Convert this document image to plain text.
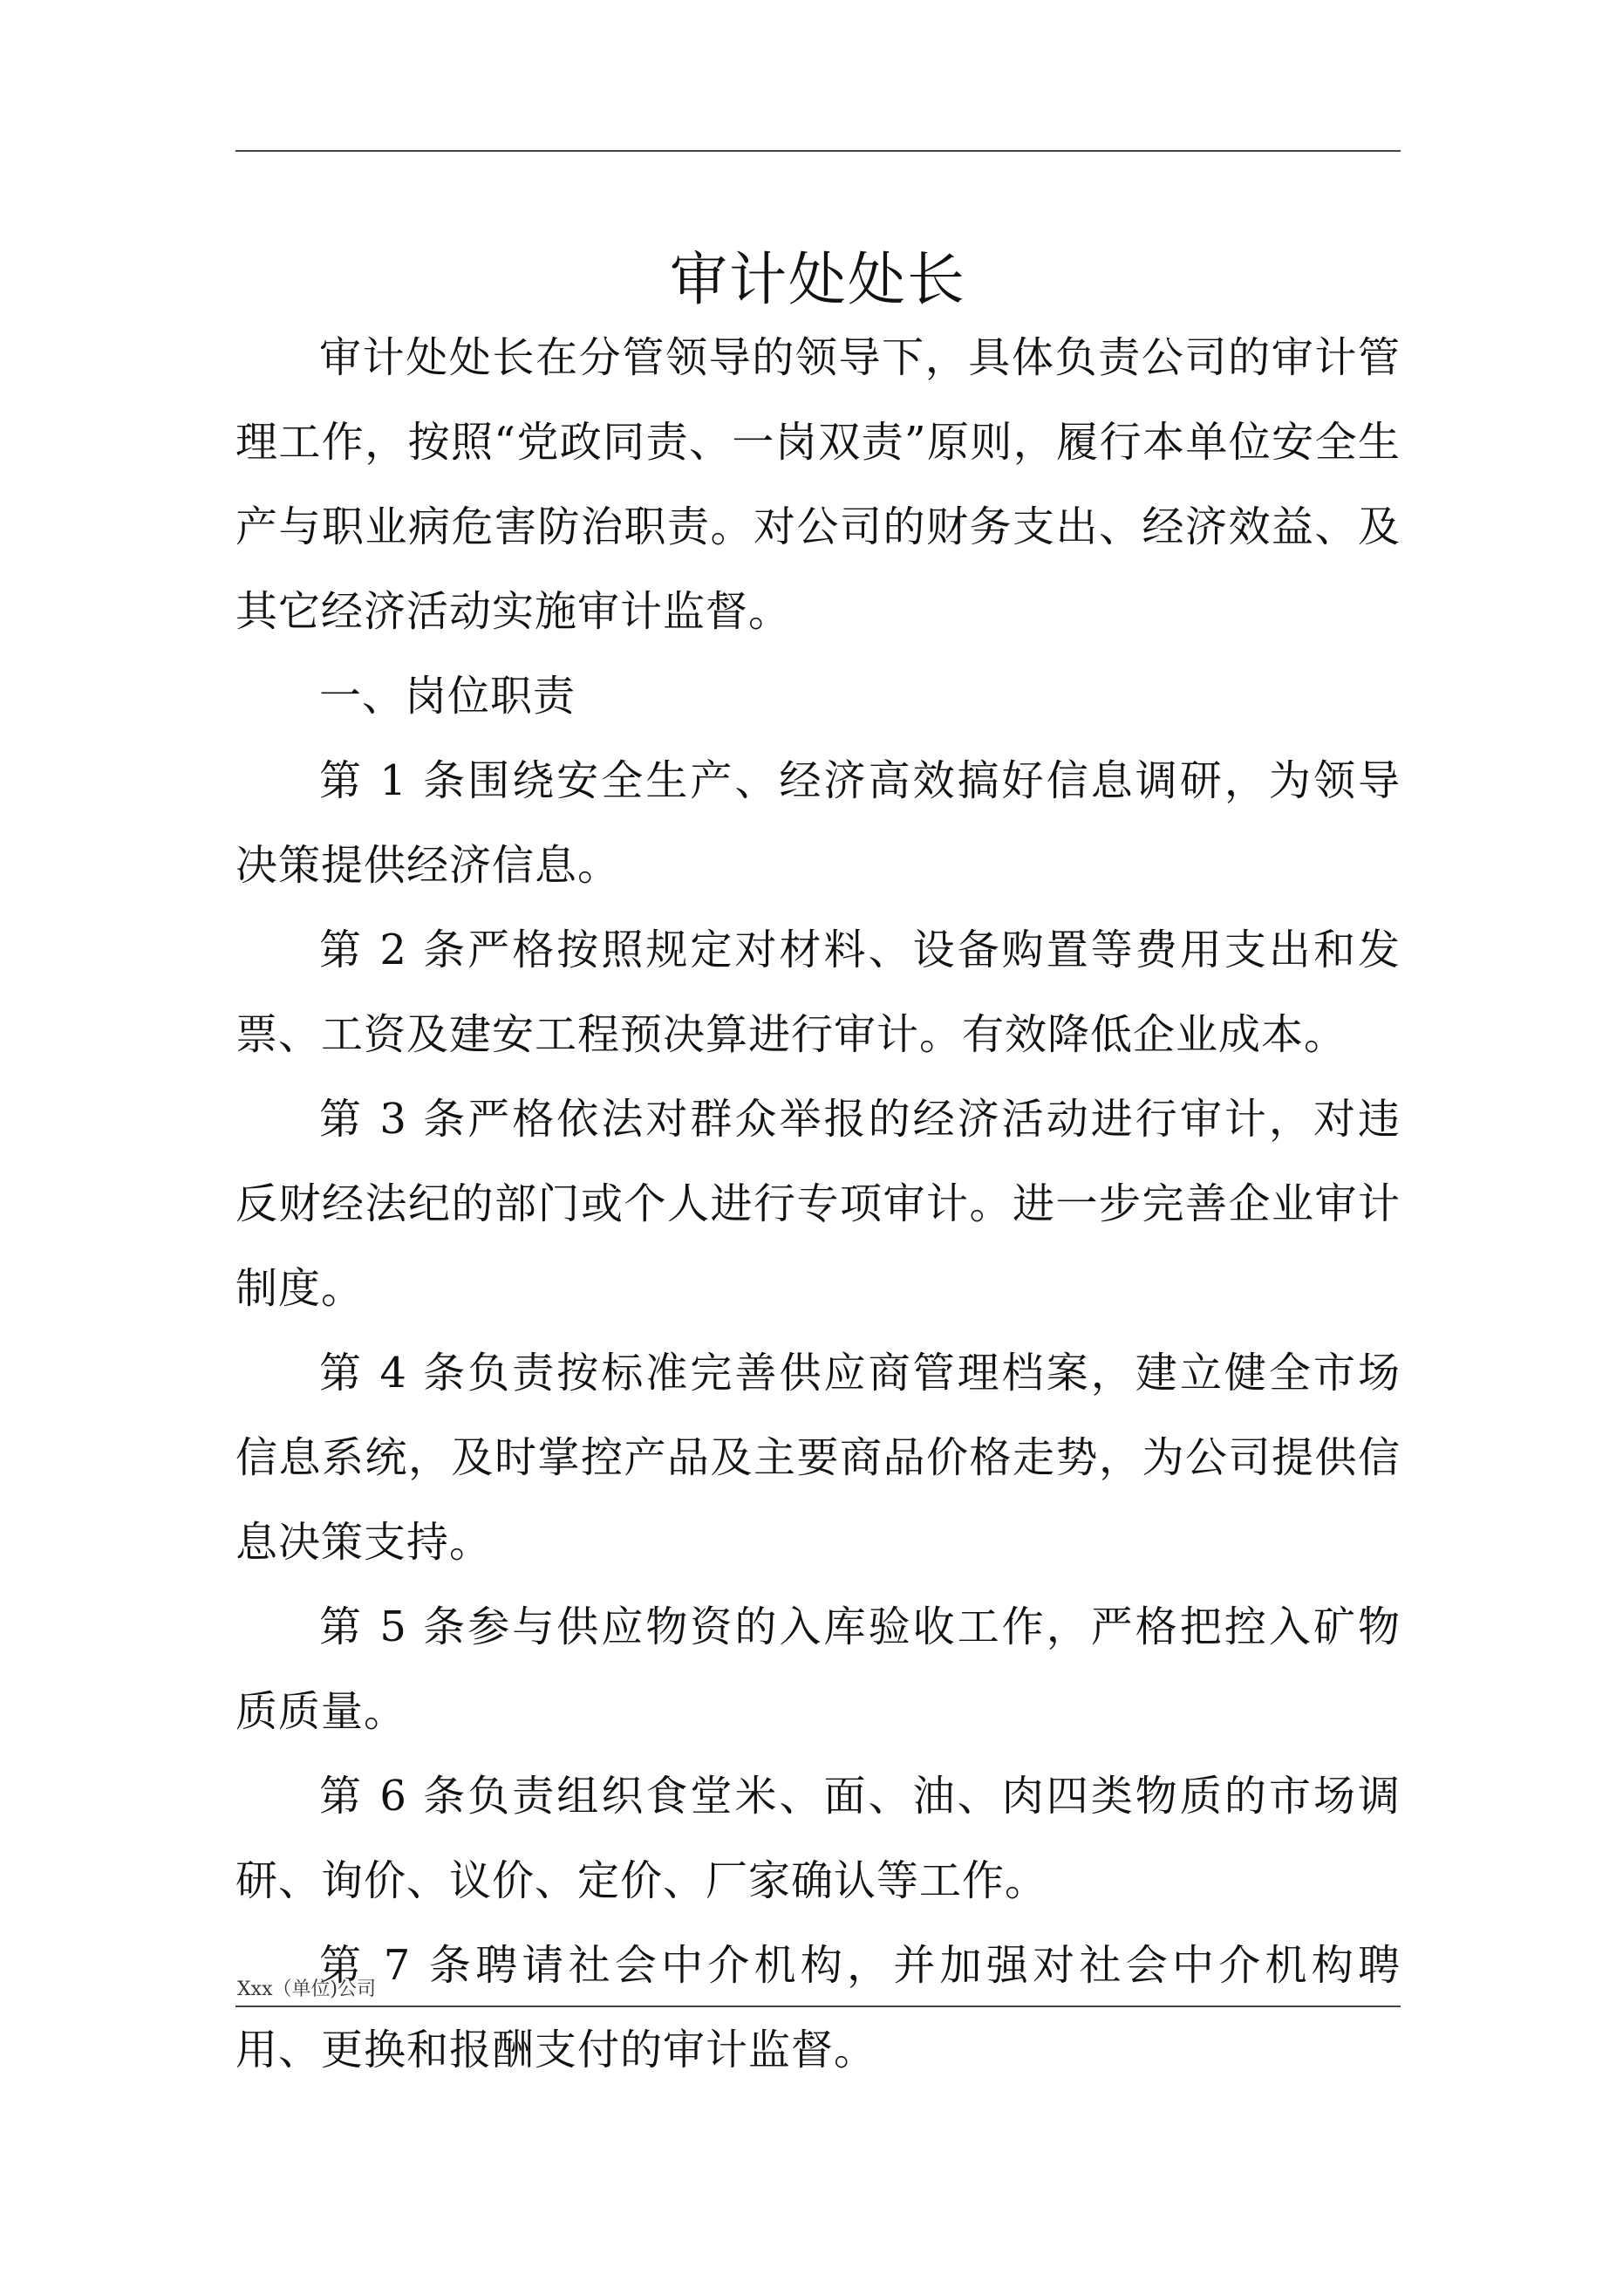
审计处处长

审计处处长在分管领导的领导下，具体负责公司的审计管理工作，按照“党政同责、一岗双责”原则，履行本单位安全生产与职业病危害防治职责。对公司的财务支出、经济效益、及其它经济活动实施审计监督。

一、岗位职责

第 1 条围绕安全生产、经济高效搞好信息调研，为领导决策提供经济信息。

第 2 条严格按照规定对材料、设备购置等费用支出和发票、工资及建安工程预决算进行审计。有效降低企业成本。

第 3 条严格依法对群众举报的经济活动进行审计，对违反财经法纪的部门或个人进行专项审计。进一步完善企业审计制度。

第 4 条负责按标准完善供应商管理档案，建立健全市场信息系统，及时掌控产品及主要商品价格走势，为公司提供信息决策支持。

第 5 条参与供应物资的入库验收工作，严格把控入矿物质质量。

第 6 条负责组织食堂米、面、油、肉四类物质的市场调研、询价、议价、定价、厂家确认等工作。

第 7 条聘请社会中介机构，并加强对社会中介机构聘用、更换和报酬支付的审计监督。

Xxx（单位)公司
